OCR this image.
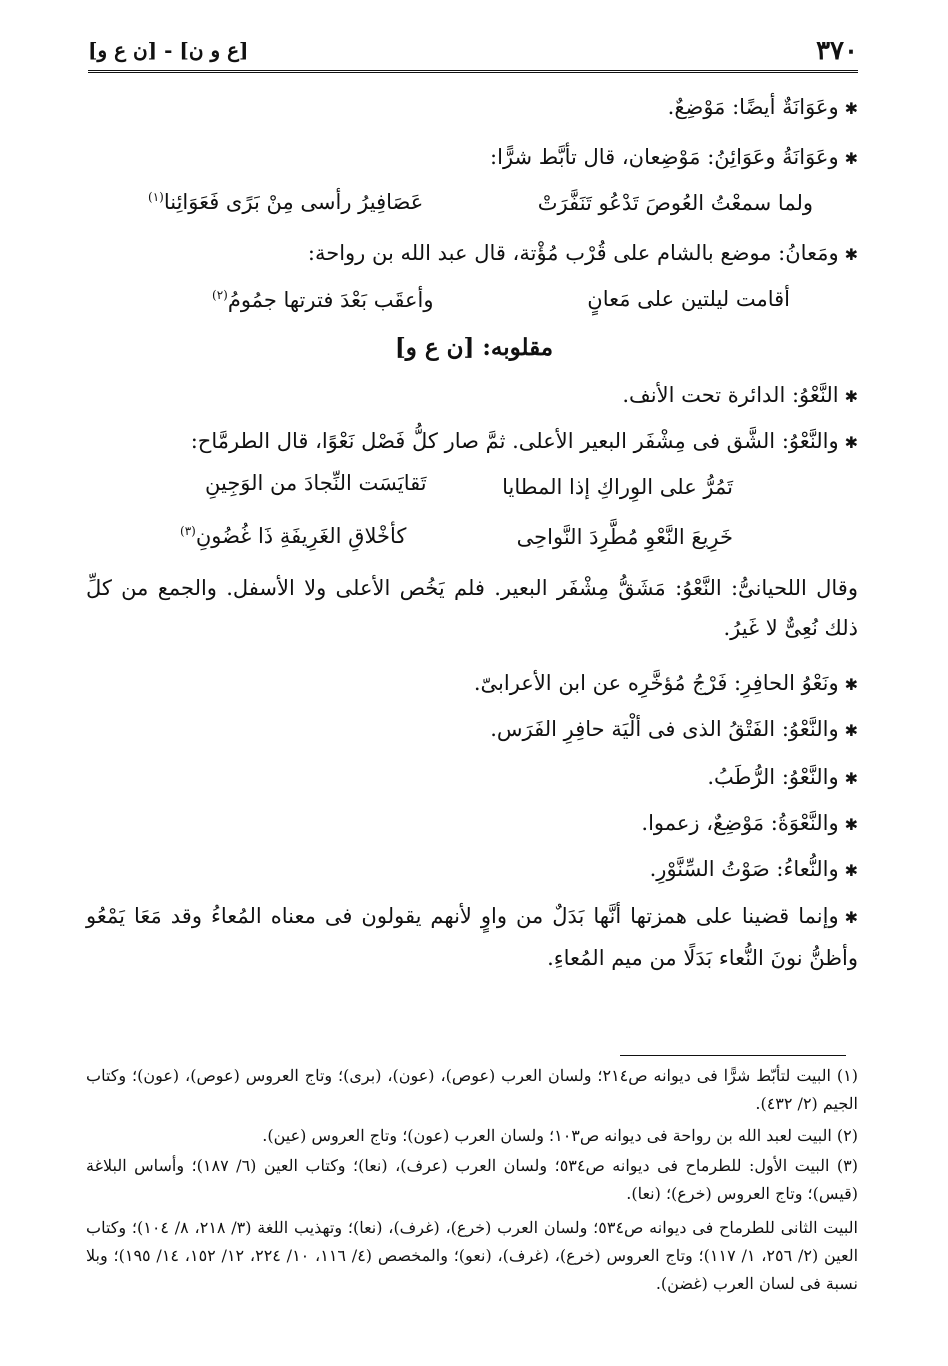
٣٧٠
[ع و ن] - [ن ع و]
✱وعَوَانَةٌ أيضًا: مَوْضِعٌ.
✱وعَوَانَةُ وعَوَائِنُ: مَوْضِعان، قال تأبَّط شرًّا:
ولما سمعْتُ العُوصَ تَدْعُو تَنَفَّرَتْ
عَصَافِيرُ رأسى مِنْ بَرًى فَعَوَائِنا$^{(١)}$
✱ومَعانُ: موضع بالشام على قُرْب مُؤْتة، قال عبد الله بن رواحة:
أقامت ليلتين على مَعانٍ
وأعقَب بَعْدَ فترتها جمُومُ$^{(٢)}$
مقلوبه: [ن ع و]
✱النَّعْوُ: الدائرة تحت الأنف.
✱والنَّعْوُ: الشَّق فى مِشْفَر البعير الأعلى. ثمَّ صار كلُّ فَصْل نَعْوًا، قال الطرمَّاح:
تَمُرُّ على الوِراكِ إذا المطايا
تَقايَسَت النِّجادَ من الوَجِينِ
خَرِيعَ النَّعْوِ مُطَّرِدَ النَّواحِى
كأخْلاقِ الغَرِيفَةِ ذَا غُضُونِ$^{(٣)}$
وقال اللحيانىُّ: النَّعْوُ: مَشَقُّ مِشْفَر البعير. فلم يَخُص الأعلى ولا الأسفل. والجمع من كلِّ ذلك نُعِىٌّ لا غَيرُ.
✱ونَعْوُ الحافِرِ: فَرْجُ مُؤخَّرِه عن ابن الأعرابىّ.
✱والنَّعْوُ: الفَتْقُ الذى فى ألْيَة حافِرِ الفَرَس.
✱والنَّعْوُ: الرُّطَبُ.
✱والنَّعْوَةُ: مَوْضِعٌ، زعموا.
✱والنُّعاءُ: صَوْتُ السِّنَّوْرِ.
✱وإنما قضينا على همزتها أنَّها بَدَلٌ من واوٍ لأنهم يقولون فى معناه المُعاءُ وقد مَعَا يَمْعُو وأظنُّ نونَ النُّعاء بَدَلًا من ميم المُعاءِ.
(١) البيت لتأبّط شرًّا فى ديوانه ص٢١٤؛ ولسان العرب (عوص)، (عون)، (برى)؛ وتاج العروس (عوص)، (عون)؛ وكتاب الجيم (٢/ ٤٣٢).
(٢) البيت لعبد الله بن رواحة فى ديوانه ص١٠٣؛ ولسان العرب (عون)؛ وتاج العروس (عين).
(٣) البيت الأول: للطرماح فى ديوانه ص٥٣٤؛ ولسان العرب (عرف)، (نعا)؛ وكتاب العين (٦/ ١٨٧)؛ وأساس البلاغة (قيس)؛ وتاج العروس (خرع)؛ (نعا).
البيت الثانى للطرماح فى ديوانه ص٥٣٤؛ ولسان العرب (خرع)، (غرف)، (نعا)؛ وتهذيب اللغة (٣/ ٢١٨، ٨/ ١٠٤)؛ وكتاب العين (٢/ ٢٥٦، ١/ ١١٧)؛ وتاج العروس (خرع)، (غرف)، (نعو)؛ والمخصص (٤/ ١١٦، ١٠/ ٢٢٤، ١٢/ ١٥٢، ١٤/ ١٩٥)؛ وبلا نسبة فى لسان العرب (غضن).
